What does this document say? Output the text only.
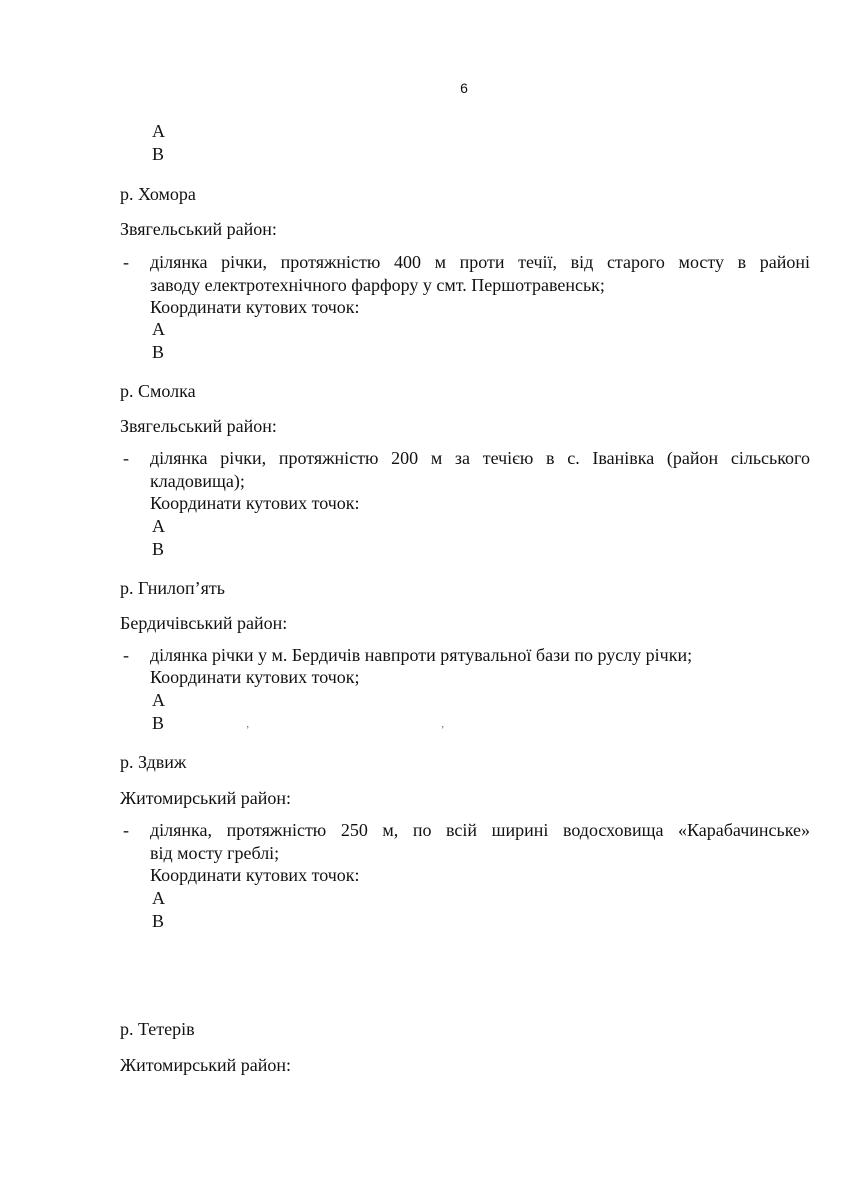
6
A
B
р. Хомора
Звягельський район:
- ділянка річки, протяжністю 400 м проти течії, від старого мосту в районі
заводу електротехнічного фарфору у смт. Першотравенськ;
Координати кутових точок:
A
B
р. Смолка
Звягельський район:
- ділянка річки, протяжністю 200 м за течією в с. Іванівка (район сільського
кладовища);
Координати кутових точок:
A
B
р. Гнилоп’ять
Бердичівський район:
- ділянка річки у м. Бердичів навпроти рятувальної бази по руслу річки;
Координати кутових точок;
A
B	ʼ	ʼ
р. Здвиж
Житомирський район:
- ділянка, протяжністю 250 м, по всій ширині водосховища «Карабачинське»
від мосту греблі;
Координати кутових точок:
A
B
р. Тетерів
Житомирський район:
